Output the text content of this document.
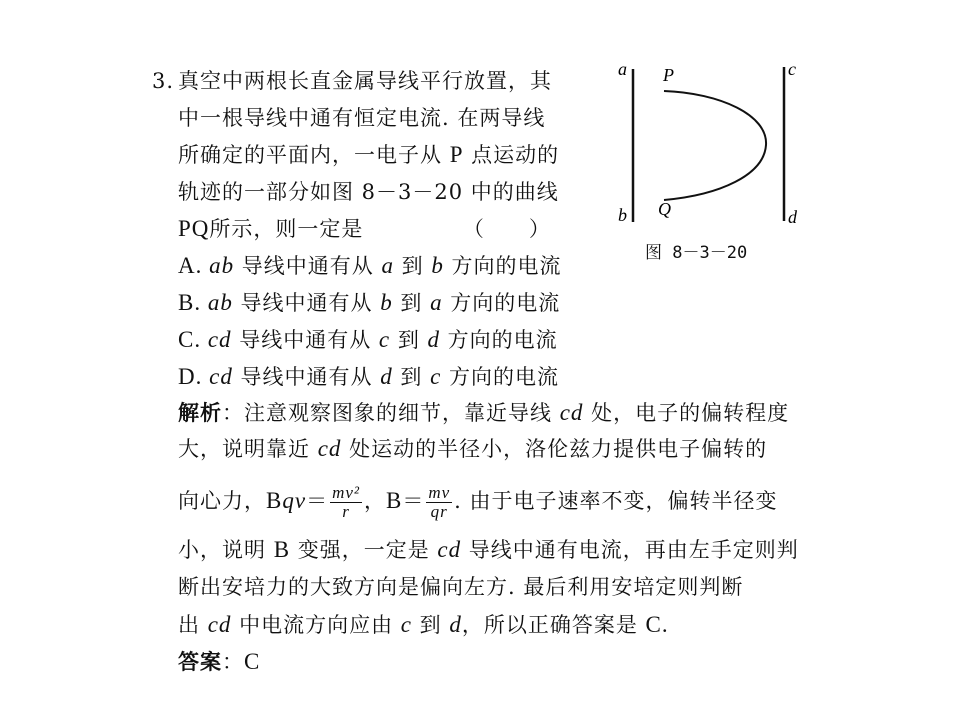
3. 真空中两根长直金属导线平行放置，其
中一根导线中通有恒定电流. 在两导线
所确定的平面内，一电子从 P 点运动的
轨迹的一部分如图 8－3－20 中的曲线
PQ所示，则一定是　　　　　（　　）
A. ab 导线中通有从 a 到 b 方向的电流
B. ab 导线中通有从 b 到 a 方向的电流
C. cd 导线中通有从 c 到 d 方向的电流
D. cd 导线中通有从 d 到 c 方向的电流
解析：注意观察图象的细节，靠近导线 cd 处，电子的偏转程度
大，说明靠近 cd 处运动的半径小，洛伦兹力提供电子偏转的
向心力，$Bqv= \frac{\text{mv²}}{r}$ ，$B= \frac{mv}{qr}$ . 由于电子速率不变，偏转半径变
小，说明 B 变强，一定是 cd 导线中通有电流，再由左手定则判
断出安培力的大致方向是偏向左方. 最后利用安培定则判断
出 cd 中电流方向应由 c 到 d，所以正确答案是 C.
答案：C
a
b
c
d
P
Q
图 8－3－20
